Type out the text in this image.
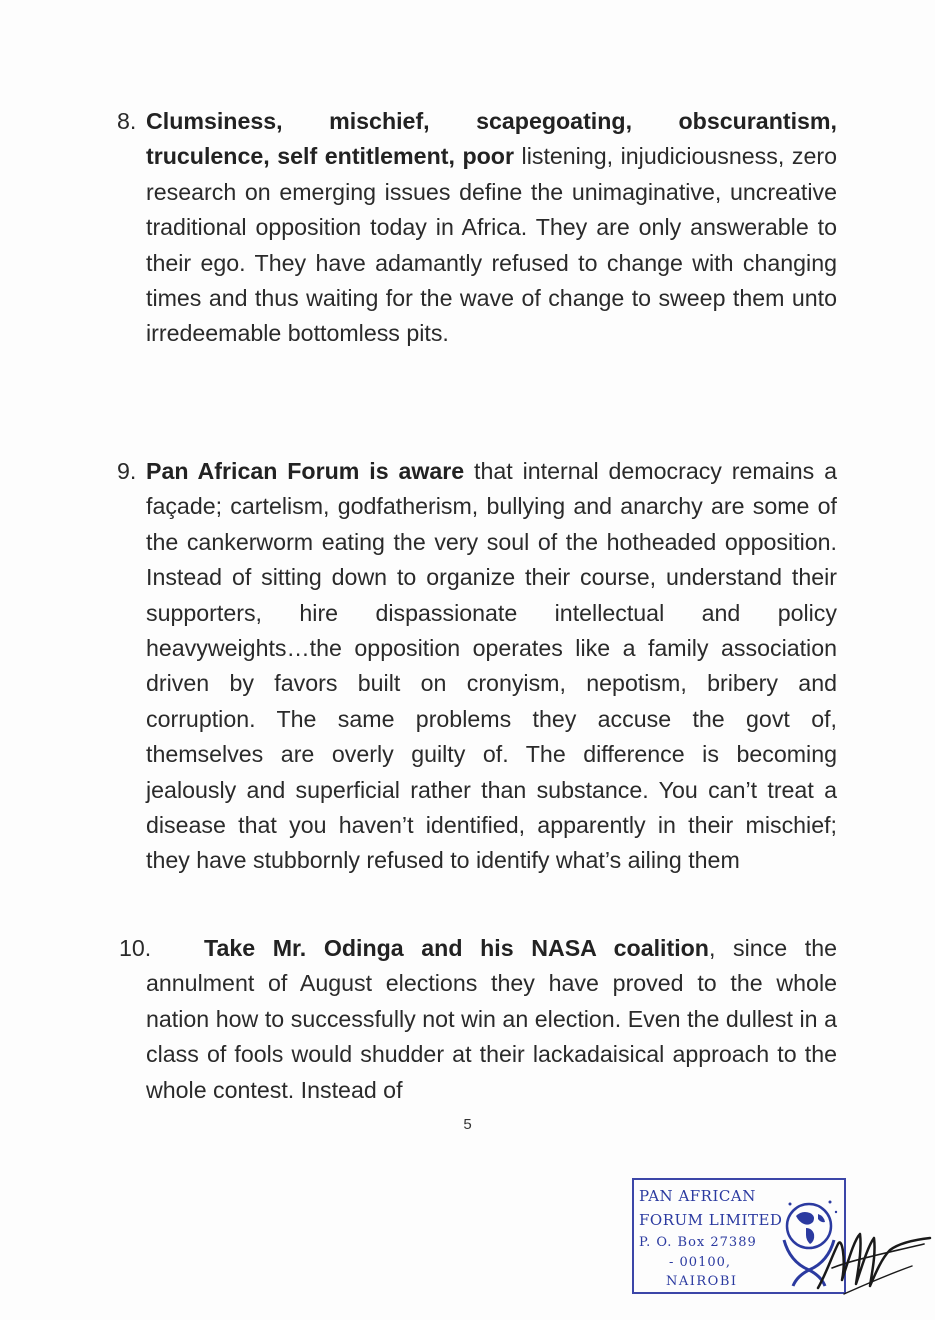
8. Clumsiness, mischief, scapegoating, obscurantism, truculence, self entitlement, poor listening, injudiciousness, zero research on emerging issues define the unimaginative, uncreative traditional opposition today in Africa. They are only answerable to their ego. They have adamantly refused to change with changing times and thus waiting for the wave of change to sweep them unto irredeemable bottomless pits.

9. Pan African Forum is aware that internal democracy remains a façade; cartelism, godfatherism, bullying and anarchy are some of the cankerworm eating the very soul of the hotheaded opposition. Instead of sitting down to organize their course, understand their supporters, hire dispassionate intellectual and policy heavyweights…the opposition operates like a family association driven by favors built on cronyism, nepotism, bribery and corruption. The same problems they accuse the govt of, themselves are overly guilty of. The difference is becoming jealously and superficial rather than substance. You can’t treat a disease that you haven’t identified, apparently in their mischief; they have stubbornly refused to identify what’s ailing them

10.	Take Mr. Odinga and his NASA coalition, since the annulment of August elections they have proved to the whole nation how to successfully not win an election. Even the dullest in a class of fools would shudder at their lackadaisical approach to the whole contest. Instead of

5
PAN AFRICAN
FORUM LIMITED
P. O. Box 27389
- 00100,
NAIROBI
